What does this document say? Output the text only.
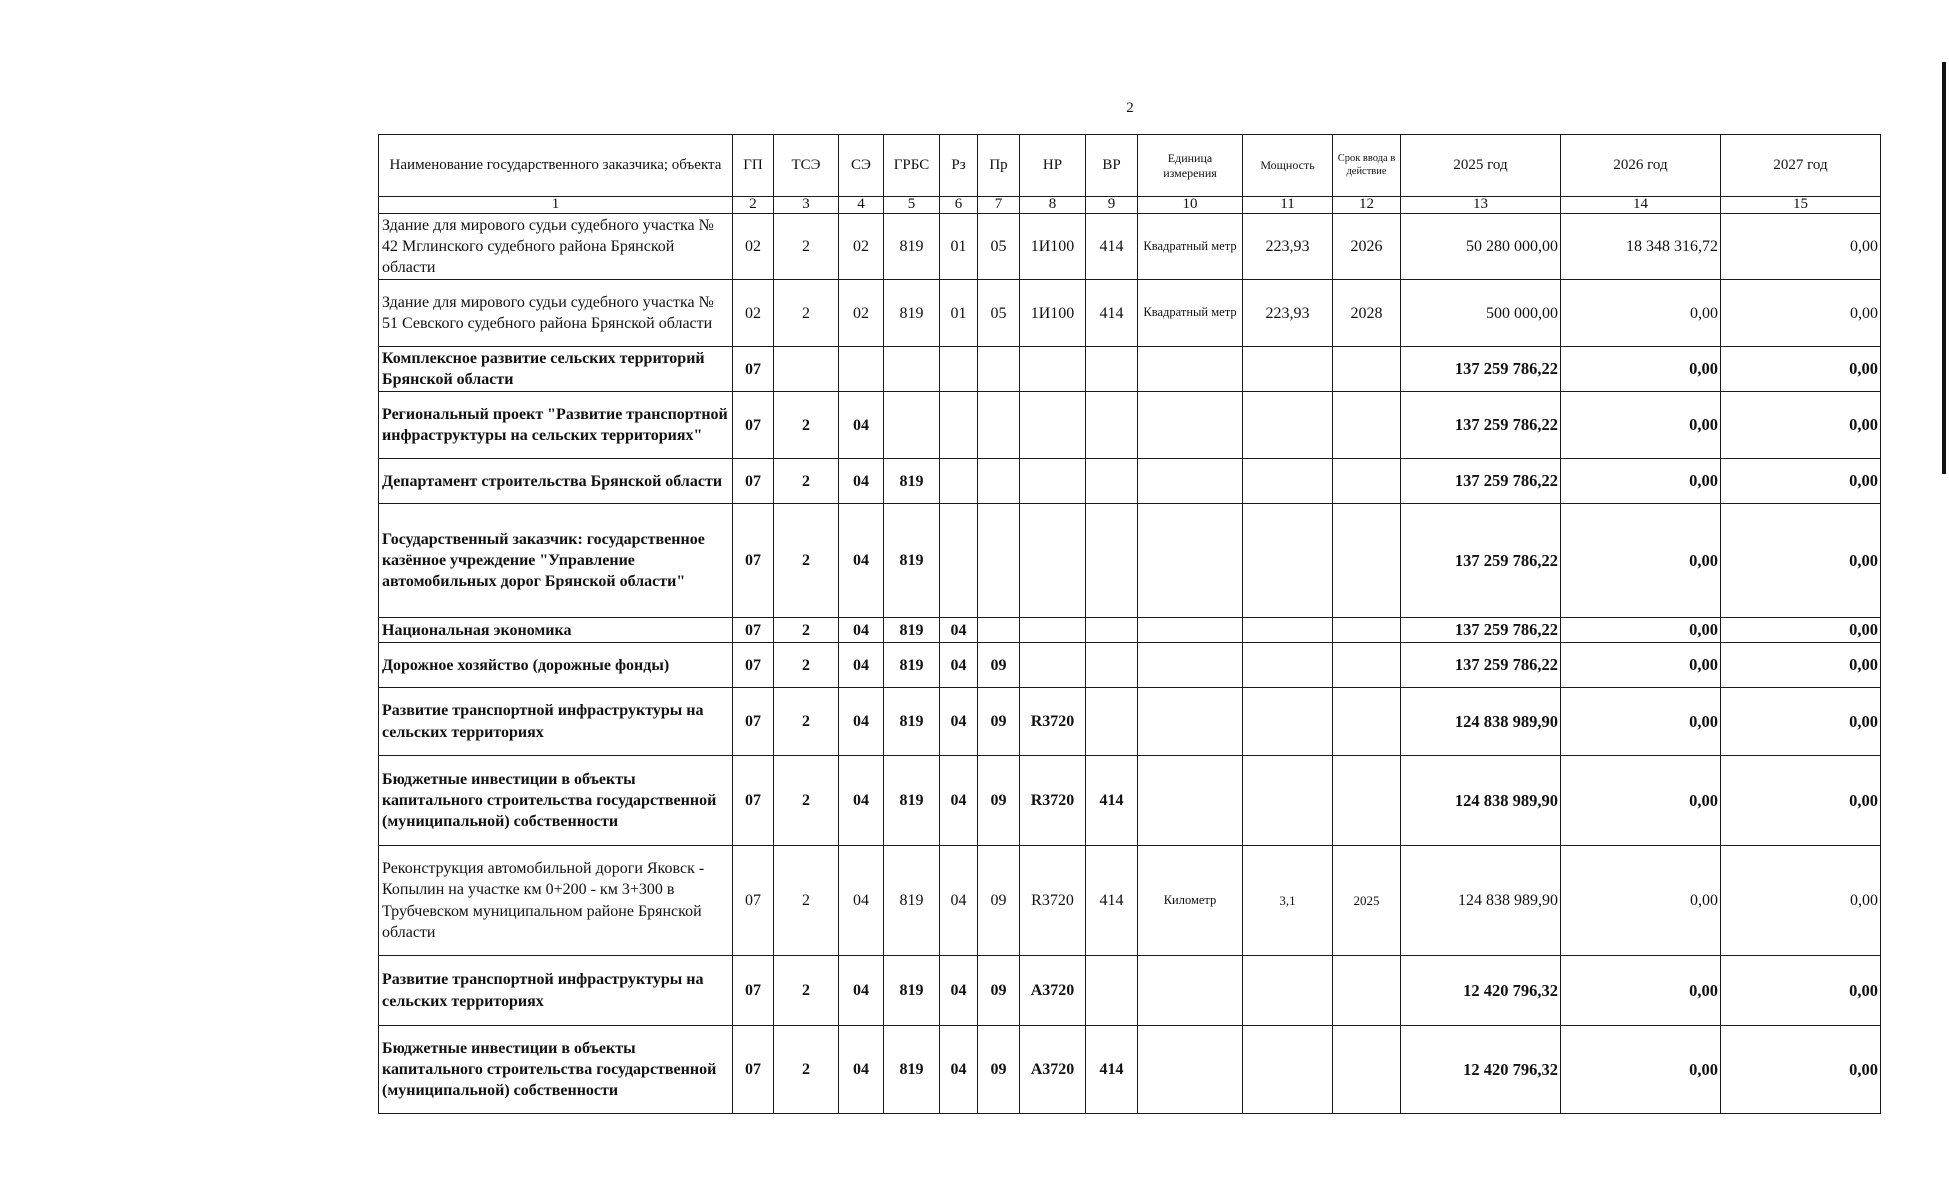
2
Наименование государственного заказчика; объекта	ГП	ТСЭ	СЭ	ГРБС	Рз	Пр	НР	ВР	Единица измерения	Мощность	Срок ввода в действие	2025 год	2026 год	2027 год
1	2	3	4	5	6	7	8	9	10	11	12	13	14	15
Здание для мирового судьи судебного участка № 42 Мглинского судебного района Брянской области	02	2	02	819	01	05	1И100	414	Квадратный метр	223,93	2026	50 280 000,00	18 348 316,72	0,00
Здание для мирового судьи судебного участка № 51 Севского судебного района Брянской области	02	2	02	819	01	05	1И100	414	Квадратный метр	223,93	2028	500 000,00	0,00	0,00
Комплексное развитие сельских территорий Брянской области	07											137 259 786,22	0,00	0,00
Региональный проект "Развитие транспортной инфраструктуры на сельских территориях"	07	2	04									137 259 786,22	0,00	0,00
Департамент строительства Брянской области	07	2	04	819								137 259 786,22	0,00	0,00
Государственный заказчик: государственное казённое учреждение "Управление автомобильных дорог Брянской области"	07	2	04	819								137 259 786,22	0,00	0,00
Национальная экономика	07	2	04	819	04							137 259 786,22	0,00	0,00
Дорожное хозяйство (дорожные фонды)	07	2	04	819	04	09						137 259 786,22	0,00	0,00
Развитие транспортной инфраструктуры на сельских территориях	07	2	04	819	04	09	R3720					124 838 989,90	0,00	0,00
Бюджетные инвестиции в объекты капитального строительства государственной (муниципальной) собственности	07	2	04	819	04	09	R3720	414				124 838 989,90	0,00	0,00
Реконструкция автомобильной дороги Яковск - Копылин на участке км 0+200 - км 3+300 в Трубчевском муниципальном районе Брянской области	07	2	04	819	04	09	R3720	414	Километр	3,1	2025	124 838 989,90	0,00	0,00
Развитие транспортной инфраструктуры на сельских территориях	07	2	04	819	04	09	А3720					12 420 796,32	0,00	0,00
Бюджетные инвестиции в объекты капитального строительства государственной (муниципальной) собственности	07	2	04	819	04	09	А3720	414				12 420 796,32	0,00	0,00
